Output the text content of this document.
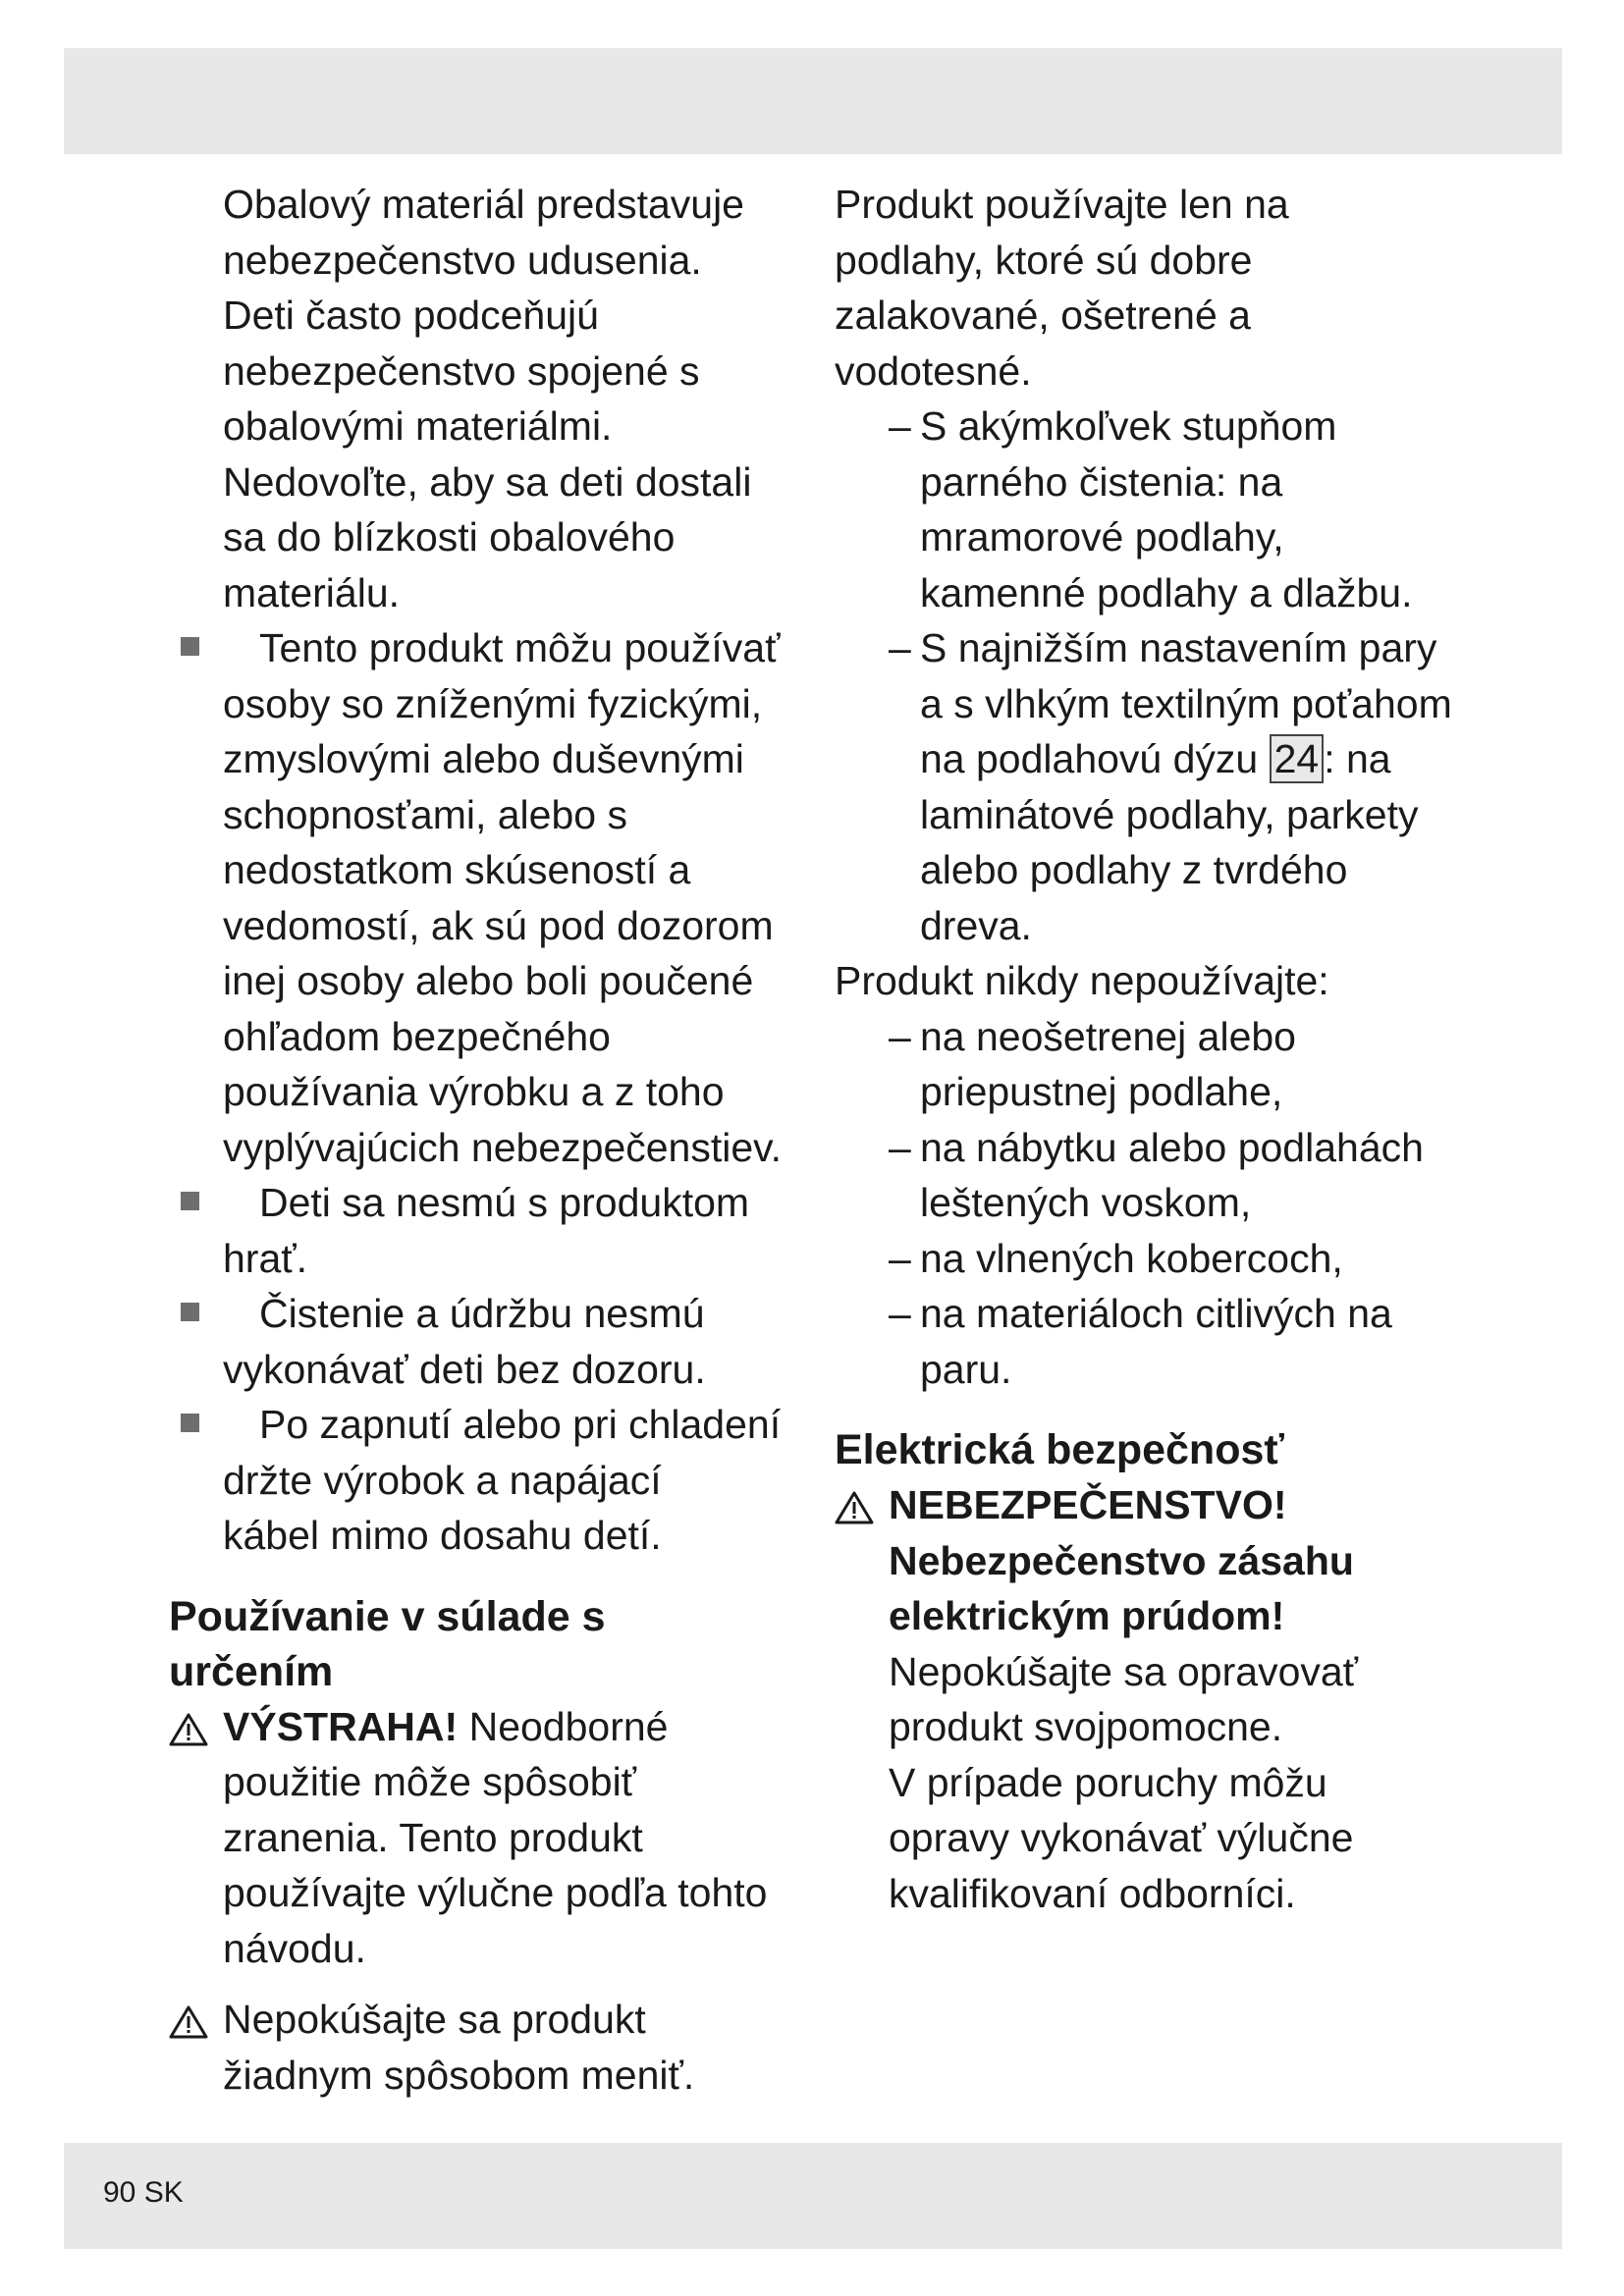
Obalový materiál predstavuje
nebezpečenstvo udusenia.
Deti často podceňujú
nebezpečenstvo spojené s
obalovými materiálmi.
Nedovoľte, aby sa deti dostali
sa do blízkosti obalového
materiálu.
Tento produkt môžu používať
osoby so zníženými fyzickými,
zmyslovými alebo duševnými
schopnosťami, alebo s
nedostatkom skúseností a
vedomostí, ak sú pod dozorom
inej osoby alebo boli poučené
ohľadom bezpečného
používania výrobku a z toho
vyplývajúcich nebezpečenstiev.
Deti sa nesmú s produktom
hrať.
Čistenie a údržbu nesmú
vykonávať deti bez dozoru.
Po zapnutí alebo pri chladení
držte výrobok a napájací
kábel mimo dosahu detí.
Používanie v súlade s
určením
VÝSTRAHA! Neodborné
použitie môže spôsobiť
zranenia. Tento produkt
používajte výlučne podľa tohto
návodu.
Nepokúšajte sa produkt
žiadnym spôsobom meniť.
Produkt používajte len na
podlahy, ktoré sú dobre
zalakované, ošetrené a
vodotesné.
– S akýmkoľvek stupňom
parného čistenia: na
mramorové podlahy,
kamenné podlahy a dlažbu.
– S najnižším nastavením pary
a s vlhkým textilným poťahom
na podlahovú dýzu 24 : na
laminátové podlahy, parkety
alebo podlahy z tvrdého
dreva.
Produkt nikdy nepoužívajte:
– na neošetrenej alebo
priepustnej podlahe,
– na nábytku alebo podlahách
leštených voskom,
– na vlnených kobercoch,
– na materiáloch citlivých na
paru.
Elektrická bezpečnosť
NEBEZPEČENSTVO!
Nebezpečenstvo zásahu
elektrickým prúdom!
Nepokúšajte sa opravovať
produkt svojpomocne.
V prípade poruchy môžu
opravy vykonávať výlučne
kvalifikovaní odborníci.
90 SK
